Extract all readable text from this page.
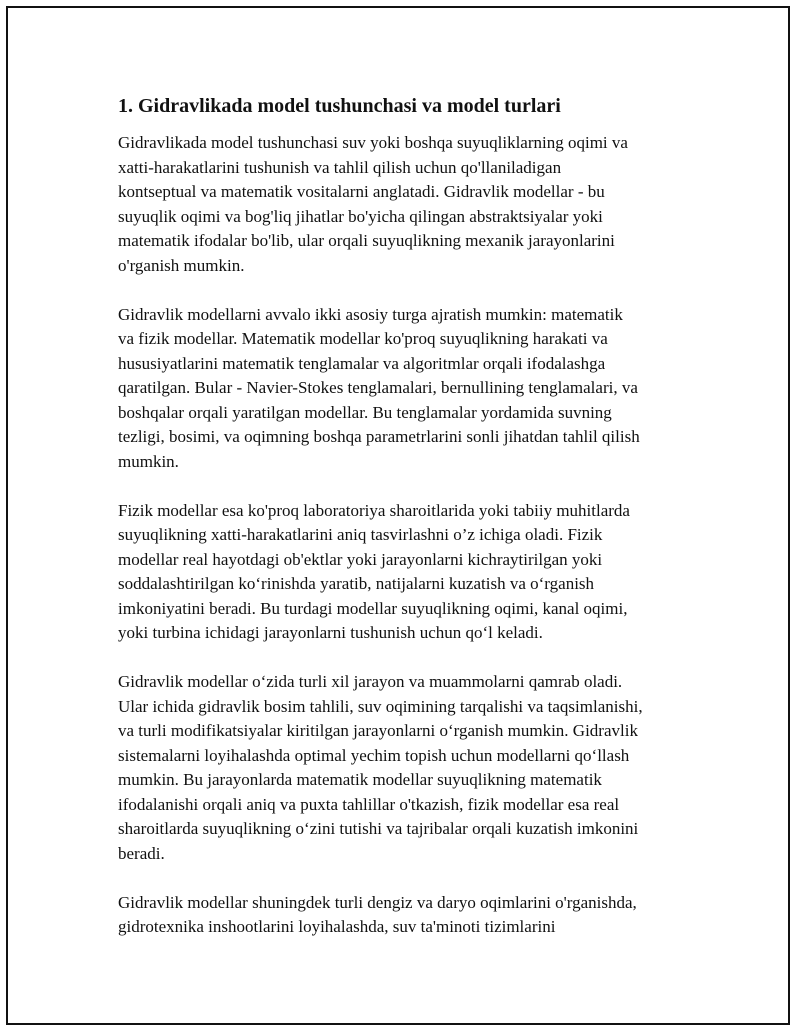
1. Gidravlikada model tushunchasi va model turlari

Gidravlikada model tushunchasi suv yoki boshqa suyuqliklarning oqimi va
xatti-harakatlarini tushunish va tahlil qilish uchun qo'llaniladigan
kontseptual va matematik vositalarni anglatadi. Gidravlik modellar - bu
suyuqlik oqimi va bog'liq jihatlar bo'yicha qilingan abstraktsiyalar yoki
matematik ifodalar bo'lib, ular orqali suyuqlikning mexanik jarayonlarini
o'rganish mumkin.

Gidravlik modellarni avvalo ikki asosiy turga ajratish mumkin: matematik
va fizik modellar. Matematik modellar ko'proq suyuqlikning harakati va
hususiyatlarini matematik tenglamalar va algoritmlar orqali ifodalashga
qaratilgan. Bular - Navier-Stokes tenglamalari, bernullining tenglamalari, va
boshqalar orqali yaratilgan modellar. Bu tenglamalar yordamida suvning
tezligi, bosimi, va oqimning boshqa parametrlarini sonli jihatdan tahlil qilish
mumkin.

Fizik modellar esa ko'proq laboratoriya sharoitlarida yoki tabiiy muhitlarda
suyuqlikning xatti-harakatlarini aniq tasvirlashni o’z ichiga oladi. Fizik
modellar real hayotdagi ob'ektlar yoki jarayonlarni kichraytirilgan yoki
soddalashtirilgan ko‘rinishda yaratib, natijalarni kuzatish va o‘rganish
imkoniyatini beradi. Bu turdagi modellar suyuqlikning oqimi, kanal oqimi,
yoki turbina ichidagi jarayonlarni tushunish uchun qo‘l keladi.

Gidravlik modellar o‘zida turli xil jarayon va muammolarni qamrab oladi.
Ular ichida gidravlik bosim tahlili, suv oqimining tarqalishi va taqsimlanishi,
va turli modifikatsiyalar kiritilgan jarayonlarni o‘rganish mumkin. Gidravlik
sistemalarni loyihalashda optimal yechim topish uchun modellarni qo‘llash
mumkin. Bu jarayonlarda matematik modellar suyuqlikning matematik
ifodalanishi orqali aniq va puxta tahlillar o'tkazish, fizik modellar esa real
sharoitlarda suyuqlikning o‘zini tutishi va tajribalar orqali kuzatish imkonini
beradi.

Gidravlik modellar shuningdek turli dengiz va daryo oqimlarini o'rganishda,
gidrotexnika inshootlarini loyihalashda, suv ta'minoti tizimlarini
